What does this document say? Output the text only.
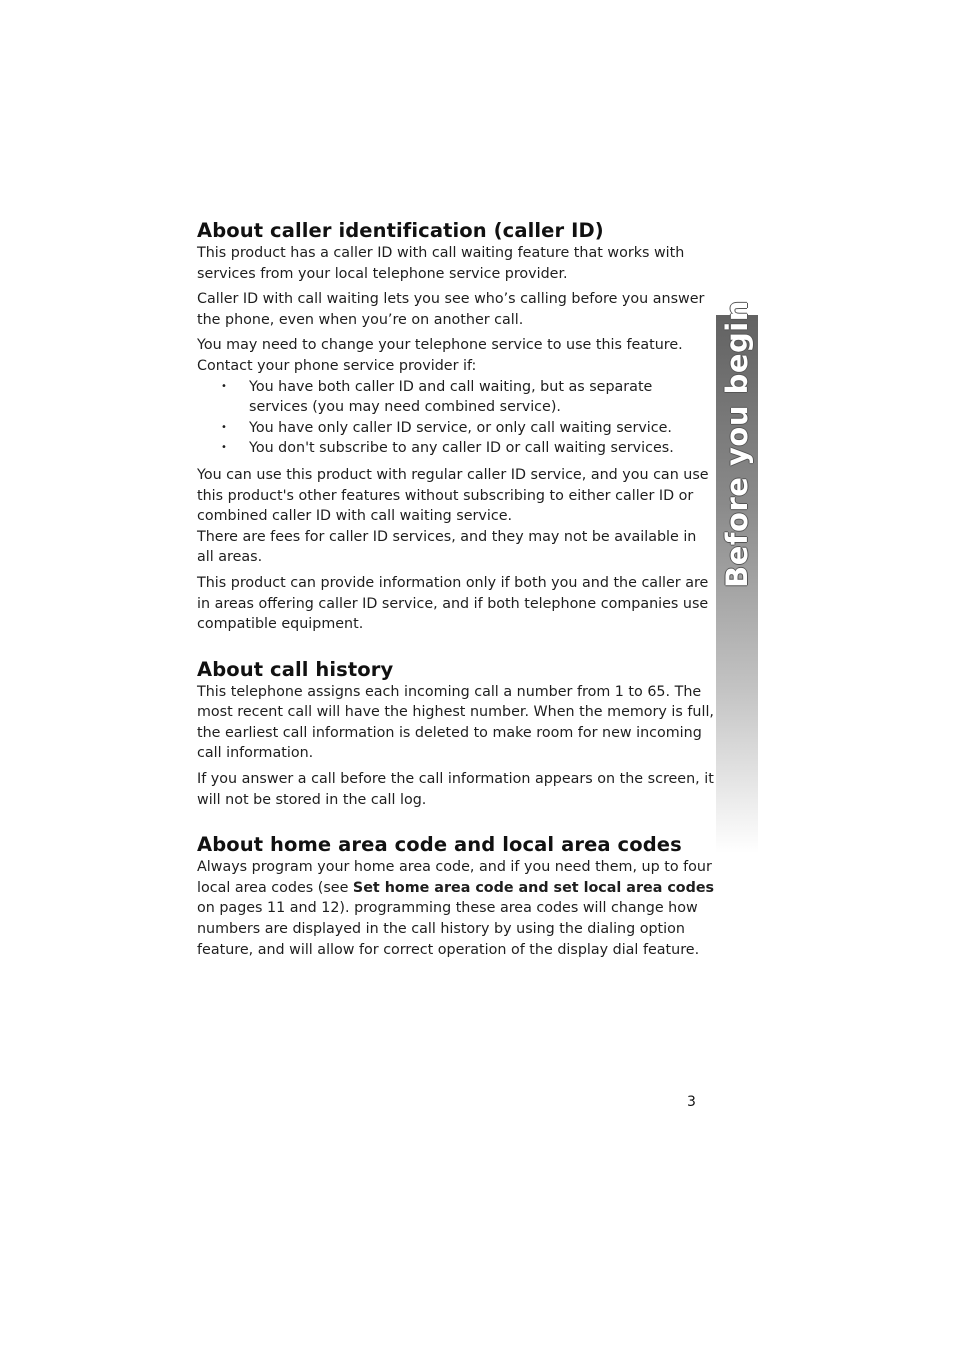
Before you begin
About caller identification (caller ID)

This product has a caller ID with call waiting feature that works with services from your local telephone service provider.

Caller ID with call waiting lets you see who’s calling before you answer the phone, even when you’re on another call.

You may need to change your telephone service to use this feature. Contact your phone service provider if:

• You have both caller ID and call waiting, but as separate services (you may need combined service).
• You have only caller ID service, or only call waiting service.
• You don't subscribe to any caller ID or call waiting services.

You can use this product with regular caller ID service, and you can use this product's other features without subscribing to either caller ID or combined caller ID with call waiting service.

There are fees for caller ID services, and they may not be available in all areas.

This product can provide information only if both you and the caller are in areas offering caller ID service, and if both telephone companies use compatible equipment.

About call history

This telephone assigns each incoming call a number from 1 to 65. The most recent call will have the highest number. When the memory is full, the earliest call information is deleted to make room for new incoming call information.

If you answer a call before the call information appears on the screen, it will not be stored in the call log.

About home area code and local area codes

Always program your home area code, and if you need them, up to four local area codes (see Set home area code and set local area codes on pages 11 and 12). programming these area codes will change how numbers are displayed in the call history by using the dialing option feature, and will allow for correct operation of the display dial feature.

3
